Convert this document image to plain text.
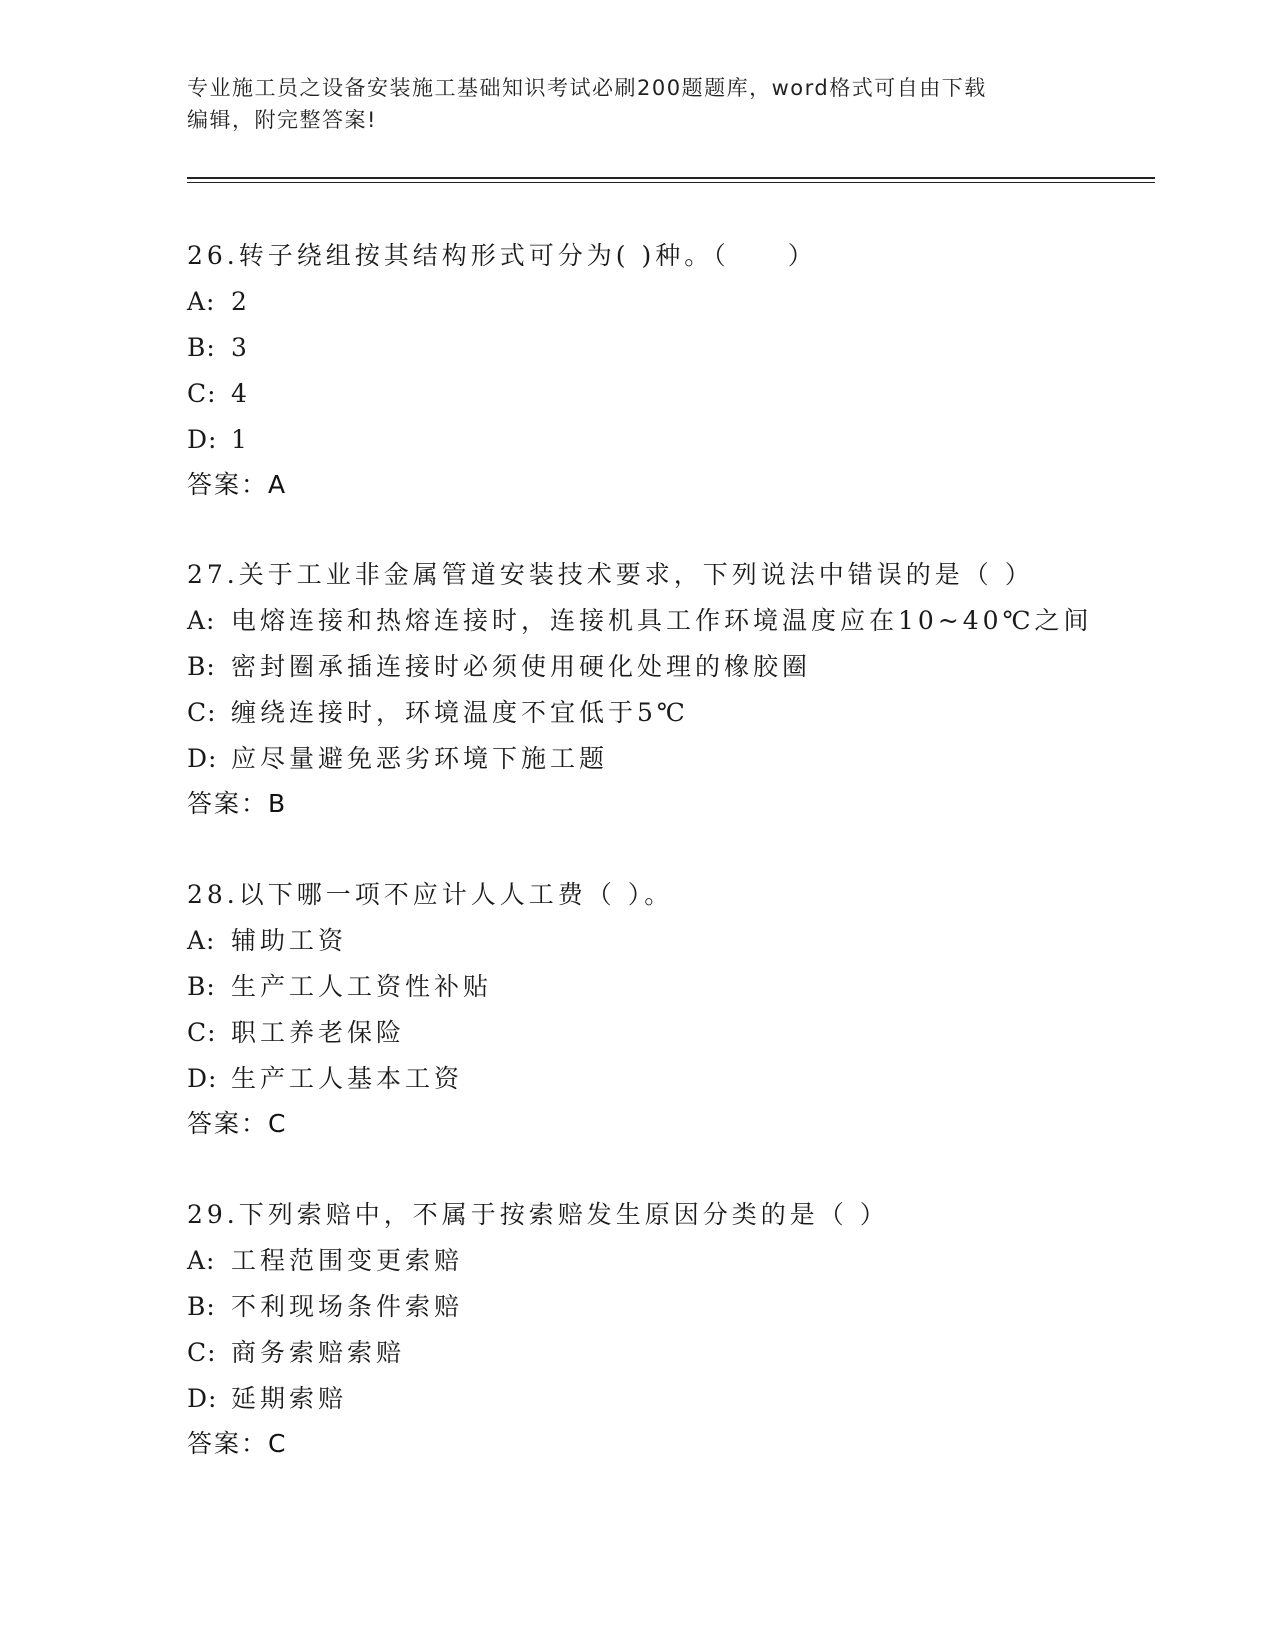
专业施工员之设备安装施工基础知识考试必刷200题题库，word格式可自由下载
编辑，附完整答案!
26.转子绕组按其结构形式可分为( )种。（　　）
A: 2
B: 3
C: 4
D: 1
答案：A
27.关于工业非金属管道安装技术要求，下列说法中错误的是（ ）
A: 电熔连接和热熔连接时，连接机具工作环境温度应在10~40℃之间
B: 密封圈承插连接时必须使用硬化处理的橡胶圈
C: 缠绕连接时，环境温度不宜低于5℃
D: 应尽量避免恶劣环境下施工题
答案：B
28.以下哪一项不应计人人工费（ ）。
A: 辅助工资
B: 生产工人工资性补贴
C: 职工养老保险
D: 生产工人基本工资
答案：C
29.下列索赔中，不属于按索赔发生原因分类的是（ ）
A: 工程范围变更索赔
B: 不利现场条件索赔
C: 商务索赔索赔
D: 延期索赔
答案：C
